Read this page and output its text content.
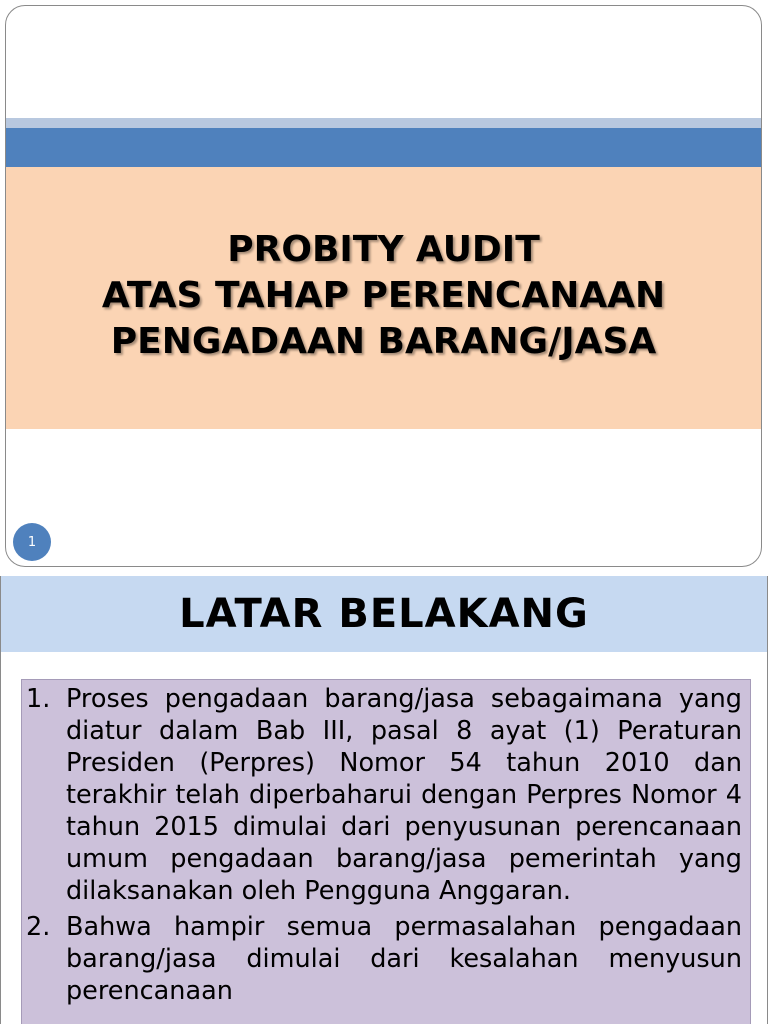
PROBITY AUDIT
ATAS TAHAP PERENCANAAN
PENGADAAN BARANG/JASA
1
LATAR BELAKANG
1. Proses pengadaan barang/jasa sebagaimana yang diatur dalam Bab III, pasal 8 ayat (1) Peraturan Presiden (Perpres) Nomor 54 tahun 2010 dan terakhir telah diperbaharui dengan Perpres Nomor 4 tahun 2015 dimulai dari penyusunan perencanaan umum pengadaan barang/jasa pemerintah yang dilaksanakan oleh Pengguna Anggaran.
2. Bahwa hampir semua permasalahan pengadaan barang/jasa dimulai dari kesalahan menyusun perencanaan
